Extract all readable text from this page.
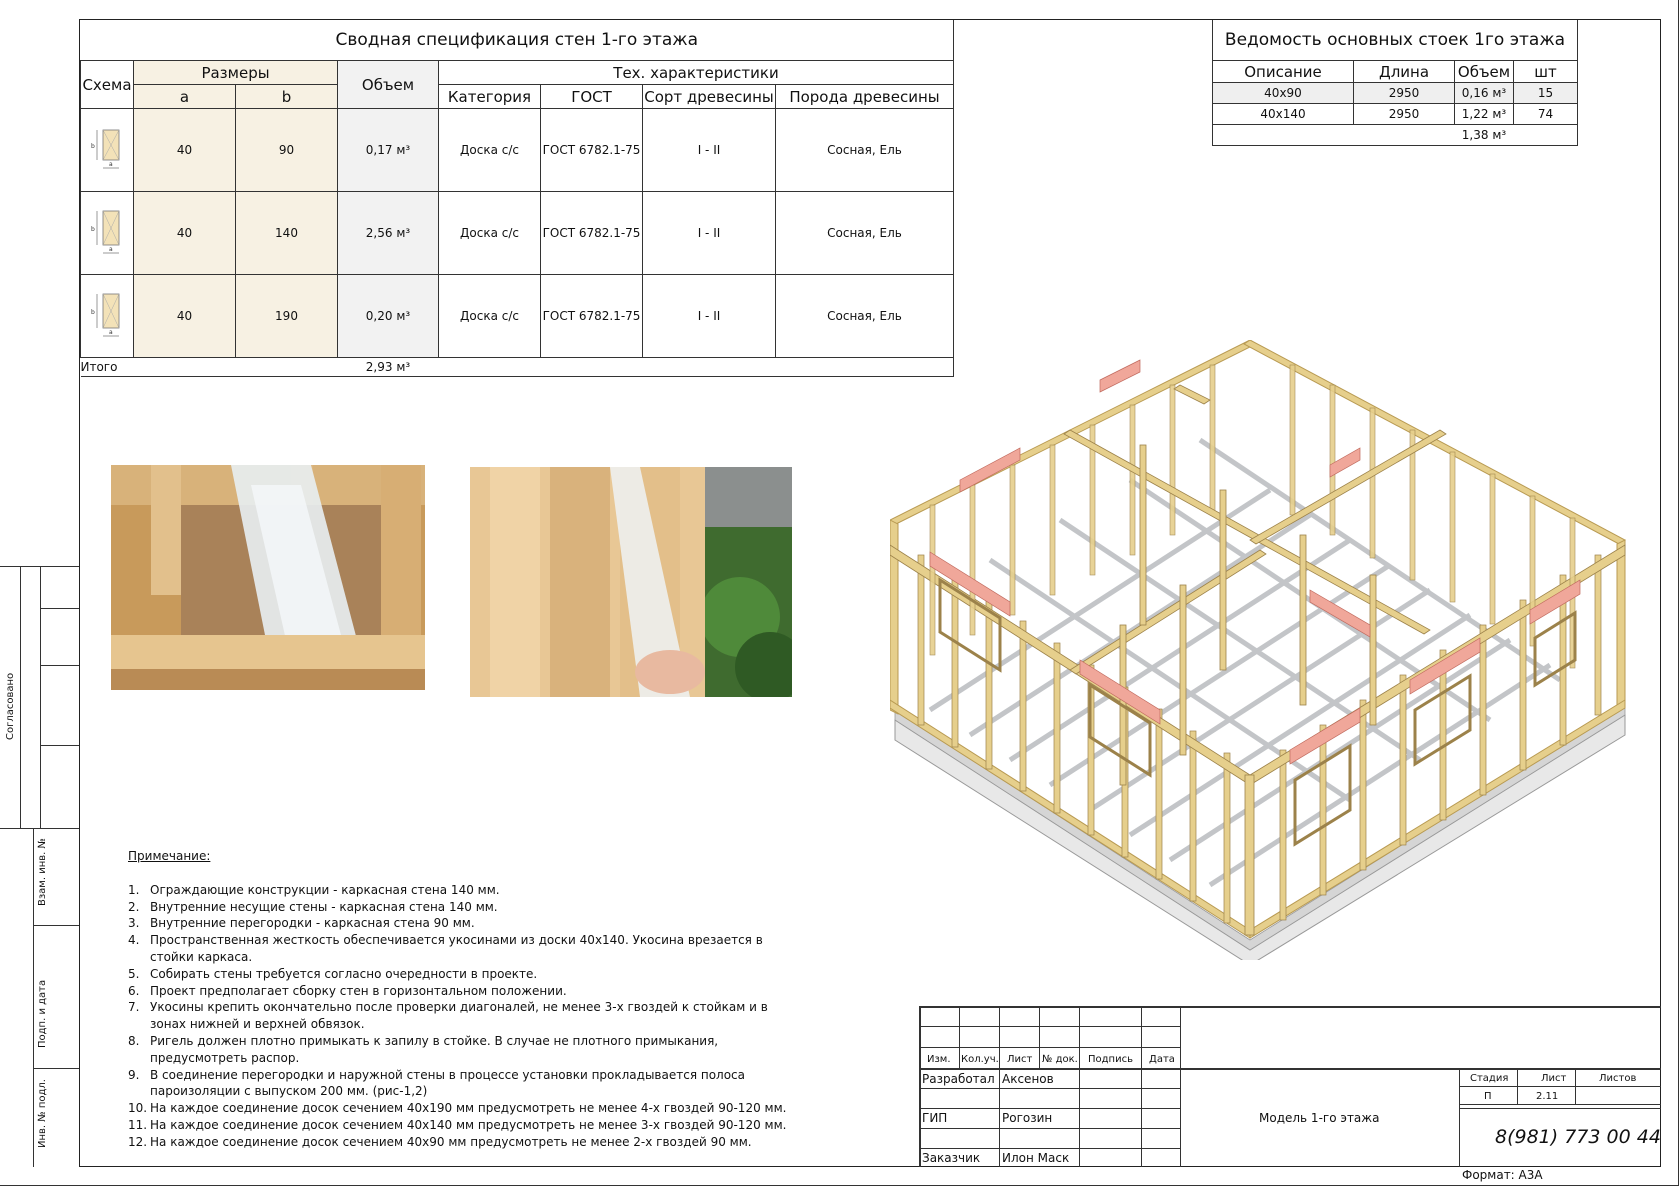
Сводная спецификация стен 1-го этажа							
Схема	Размеры		Объем	Тех. характеристики			
	a	b		Категория	ГОСТ	Сорт древесины	Порода древесины

b
a	40	90	0,17 м³	Доска с/с	ГОСТ 6782.1-75	I - II	Сосная, Ель

b
a	40	140	2,56 м³	Доска с/с	ГОСТ 6782.1-75	I - II	Сосная, Ель

b
a	40	190	0,20 м³	Доска с/с	ГОСТ 6782.1-75	I - II	Сосная, Ель
Итого			2,93 м³				
Ведомость основных стоек 1го этажа			
Описание	Длина	Объем	шт
40x90	2950	0,16 м³	15
40x140	2950	1,22 м³	74
		1,38 м³	
Примечание:
1. Ограждающие конструкции - каркасная стена 140 мм.
2. Внутренние несущие стены - каркасная стена 140 мм.
3. Внутренние перегородки - каркасная стена 90 мм.
4. Пространственная жесткость обеспечивается укосинами из доски 40x140. Укосина врезается в стойки каркаса.
5. Собирать стены требуется согласно очередности в проекте.
6. Проект предполагает сборку стен в горизонтальном положении.
7. Укосины крепить окончательно после проверки диагоналей, не менее 3-х гвоздей к стойкам и в зонах нижней и верхней обвязок.
8. Ригель должен плотно примыкать к запилу в стойке. В случае не плотного примыкания, предусмотреть распор.
9. В соединение перегородки и наружной стены в процессе установки прокладывается полоса пароизоляции с выпуском 200 мм. (рис-1,2)
10. На каждое соединение досок сечением 40x190 мм предусмотреть не менее 4-х гвоздей 90-120 мм.
11. На каждое соединение досок сечением 40x140 мм предусмотреть не менее 3-х гвоздей 90-120 мм.
12. На каждое соединение досок сечением 40x90 мм предусмотреть не менее 2-х гвоздей 90 мм.
Согласовано
Взам. инв. №
Подп. и дата
Инв. № подл.
Изм. Кол.уч. Лист № док. Подпись Дата
Разработал Аксенов
ГИП	Рогозин
Заказчик Илон Маск
Модель 1-го этажа
Стадия	Лист	Листов
П	2.11
8(981) 773 00 44
Формат: А3А
